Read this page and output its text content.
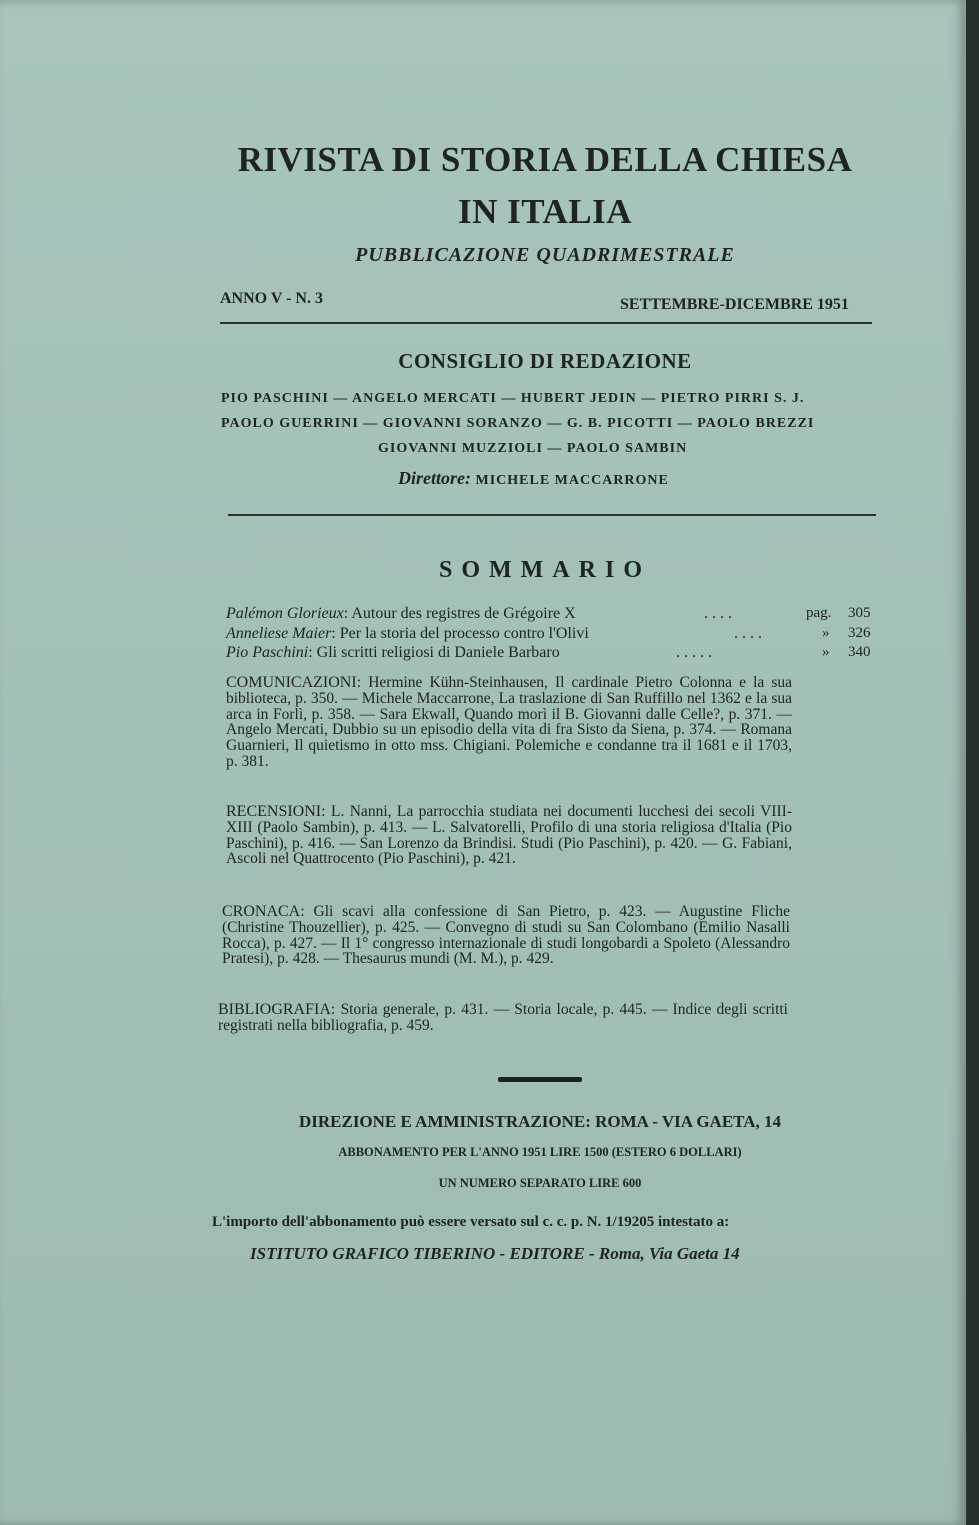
RIVISTA DI STORIA DELLA CHIESA
IN ITALIA
PUBBLICAZIONE QUADRIMESTRALE
ANNO V - N. 3	SETTEMBRE-DICEMBRE 1951
CONSIGLIO DI REDAZIONE
PIO PASCHINI — ANGELO MERCATI — HUBERT JEDIN — PIETRO PIRRI S. J.
PAOLO GUERRINI — GIOVANNI SORANZO — G. B. PICOTTI — PAOLO BREZZI
GIOVANNI MUZZIOLI — PAOLO SAMBIN
Direttore: MICHELE MACCARRONE
SOMMARIO
Palémon Glorieux: Autour des registres de Grégoire X	. . . .	pag. 305
Anneliese Maier: Per la storia del processo contro l'Olivi	. . . .	» 326
Pio Paschini: Gli scritti religiosi di Daniele Barbaro	. . . . .	» 340
COMUNICAZIONI: Hermine Kühn-Steinhausen, Il cardinale Pietro Colonna e la sua biblioteca, p. 350. — Michele Maccarrone, La traslazione di San Ruffillo nel 1362 e la sua arca in Forlì, p. 358. — Sara Ekwall, Quando morì il B. Giovanni dalle Celle?, p. 371. — Angelo Mercati, Dubbio su un episodio della vita di fra Sisto da Siena, p. 374. — Romana Guarnieri, Il quietismo in otto mss. Chigiani. Polemiche e condanne tra il 1681 e il 1703, p. 381.
RECENSIONI: L. Nanni, La parrocchia studiata nei documenti lucchesi dei secoli VIII-XIII (Paolo Sambin), p. 413. — L. Salvatorelli, Profilo di una storia religiosa d'Italia (Pio Paschini), p. 416. — San Lorenzo da Brindisi. Studi (Pio Paschini), p. 420. — G. Fabiani, Ascoli nel Quattrocento (Pio Paschini), p. 421.
CRONACA: Gli scavi alla confessione di San Pietro, p. 423. — Augustine Fliche (Christine Thouzellier), p. 425. — Convegno di studi su San Colombano (Emilio Nasalli Rocca), p. 427. — Il 1° congresso internazionale di studi longobardi a Spoleto (Alessandro Pratesi), p. 428. — Thesaurus mundi (M. M.), p. 429.
BIBLIOGRAFIA: Storia generale, p. 431. — Storia locale, p. 445. — Indice degli scritti registrati nella bibliografia, p. 459.
DIREZIONE E AMMINISTRAZIONE: ROMA - VIA GAETA, 14
ABBONAMENTO PER L'ANNO 1951 LIRE 1500 (ESTERO 6 DOLLARI)
UN NUMERO SEPARATO LIRE 600
L'importo dell'abbonamento può essere versato sul c. c. p. N. 1/19205 intestato a:
ISTITUTO GRAFICO TIBERINO - EDITORE - Roma, Via Gaeta 14
